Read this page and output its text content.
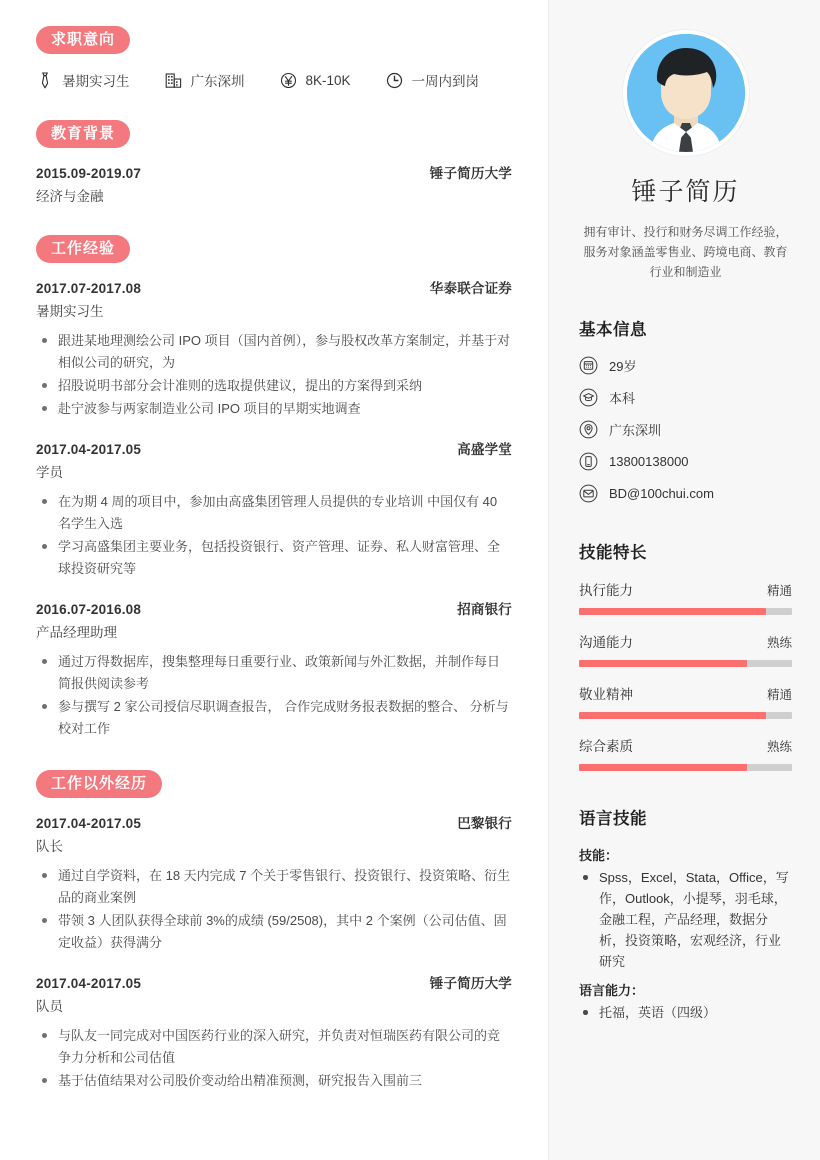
求职意向
暑期实习生	广东深圳	8K-10K	一周内到岗
教育背景
2015.09-2019.07	锤子简历大学
经济与金融
工作经验
2017.07-2017.08	华泰联合证券
暑期实习生
跟进某地理测绘公司 IPO 项目（国内首例），参与股权改革方案制定，并基于对相似公司的研究，为
招股说明书部分会计准则的选取提供建议，提出的方案得到采纳
赴宁波参与两家制造业公司 IPO 项目的早期实地调查
2017.04-2017.05	高盛学堂
学员
在为期 4 周的项目中，参加由高盛集团管理人员提供的专业培训 中国仅有 40 名学生入选
学习高盛集团主要业务，包括投资银行、资产管理、证券、私人财富管理、全球投资研究等
2016.07-2016.08	招商银行
产品经理助理
通过万得数据库，搜集整理每日重要行业、政策新闻与外汇数据，并制作每日简报供阅读参考
参与撰写 2 家公司授信尽职调查报告， 合作完成财务报表数据的整合、 分析与校对工作
工作以外经历
2017.04-2017.05	巴黎银行
队长
通过自学资料，在 18 天内完成 7 个关于零售银行、投资银行、投资策略、衍生品的商业案例
带领 3 人团队获得全球前 3%的成绩 (59/2508)，其中 2 个案例（公司估值、固定收益）获得满分
2017.04-2017.05	锤子简历大学
队员
与队友一同完成对中国医药行业的深入研究，并负责对恒瑞医药有限公司的竞争力分析和公司估值
基于估值结果对公司股价变动给出精准预测，研究报告入围前三
锤子简历
拥有审计、投行和财务尽调工作经验，服务对象涵盖零售业、跨境电商、教育行业和制造业
基本信息
29岁
本科
广东深圳
13800138000
BD@100chui.com
技能特长
执行能力	精通
沟通能力	熟练
敬业精神	精通
综合素质	熟练
语言技能
技能：
Spss，Excel，Stata，Office，写作，Outlook，小提琴，羽毛球，金融工程，产品经理，数据分析，投资策略，宏观经济，行业研究
语言能力：
托福，英语（四级）
